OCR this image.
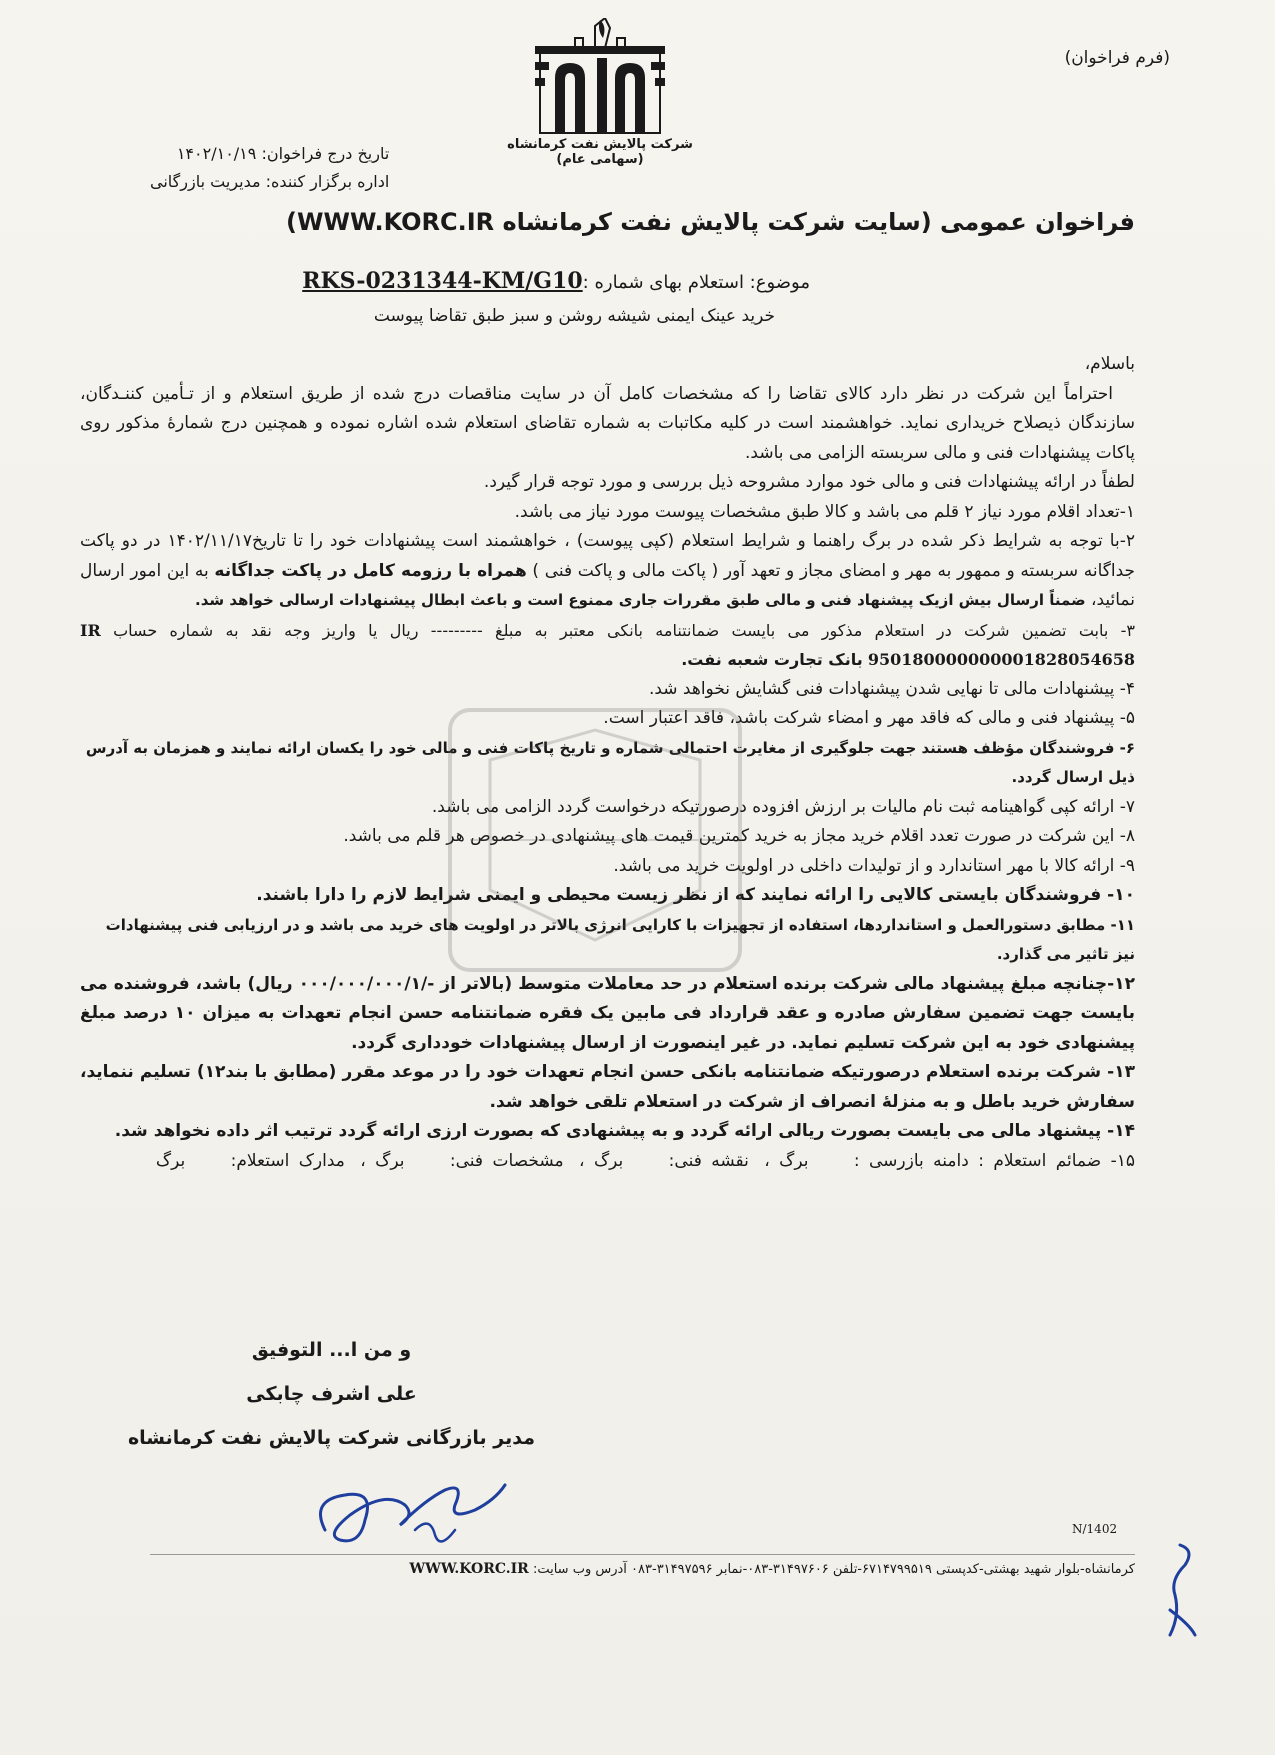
(فرم فراخوان)
شرکت پالایش نفت کرمانشاه (سهامی عام)
تاریخ درج فراخوان: ۱۴۰۲/۱۰/۱۹
اداره برگزار کننده: مدیریت بازرگانی
فراخوان عمومی (سایت شرکت پالایش نفت کرمانشاه WWW.KORC.IR)
موضوع: استعلام بهای شماره :RKS-0231344-KM/G10
خرید عینک ایمنی شیشه روشن و سبز طبق تقاضا پیوست

باسلام،

احتراماً این شرکت در نظر دارد کالای تقاضا را که مشخصات کامل آن در سایت مناقصات درج شده از طریق استعلام و از تـأمین کننـدگان، سازندگان ذیصلاح خریداری نماید. خواهشمند است در کلیه مکاتبات به شماره تقاضای استعلام شده اشاره نموده و همچنین درج شمارهٔ مذکور روی پاکات پیشنهادات فنی و مالی سربسته الزامی می باشد.

لطفاً در ارائه پیشنهادات فنی و مالی خود موارد مشروحه ذیل بررسی و مورد توجه قرار گیرد.

۱-تعداد اقلام مورد نیاز ۲ قلم می باشد و کالا طبق مشخصات پیوست مورد نیاز می باشد.

۲-با توجه به شرایط ذکر شده در برگ راهنما و شرایط استعلام (کپی پیوست) ، خواهشمند است پیشنهادات خود را تا تاریخ۱۴۰۲/۱۱/۱۷ در دو پاکت جداگانه سربسته و ممهور به مهر و امضای مجاز و تعهد آور ( پاکت مالی و پاکت فنی ) همراه با رزومه کامل در پاکت جداگانه به این امور ارسال نمائید، ضمناً ارسال بیش ازیک پیشنهاد فنی و مالی طبق مقررات جاری ممنوع است و باعث ابطال پیشنهادات ارسالی خواهد شد.

۳- بابت تضمین شرکت در استعلام مذکور می بایست ضمانتنامه بانکی معتبر به مبلغ --------- ریال یا واریز وجه نقد به شماره حساب IR 950180000000001828054658 بانک تجارت شعبه نفت.

۴- پیشنهادات مالی تا نهایی شدن پیشنهادات فنی گشایش نخواهد شد.

۵- پیشنهاد فنی و مالی که فاقد مهر و امضاء شرکت باشد، فاقد اعتبار است.

۶- فروشندگان مؤظف هستند جهت جلوگیری از مغایرت احتمالی شماره و تاریخ پاکات فنی و مالی خود را یکسان ارائه نمایند و همزمان به آدرس ذیل ارسال گردد.

۷- ارائه کپی گواهینامه ثبت نام مالیات بر ارزش افزوده درصورتیکه درخواست گردد الزامی می باشد.

۸- این شرکت در صورت تعدد اقلام خرید مجاز به خرید کمترین قیمت های پیشنهادی در خصوص هر قلم می باشد.

۹- ارائه کالا با مهر استاندارد و از تولیدات داخلی در اولویت خرید می باشد.

۱۰- فروشندگان بایستی کالایی را ارائه نمایند که از نظر زیست محیطی و ایمنی شرایط لازم را دارا باشند.

۱۱- مطابق دستورالعمل و استانداردها، استفاده از تجهیزات با کارایی انرژی بالاتر در اولویت های خرید می باشد و در ارزیابی فنی پیشنهادات نیز تاثیر می گذارد.

۱۲-چنانچه مبلغ پیشنهاد مالی شرکت برنده استعلام در حد معاملات متوسط (بالاتر از -/۰۰۰/۰۰۰/۰۰۰/۱ ریال) باشد، فروشنده می بایست جهت تضمین سفارش صادره و عقد قرارداد فی مابین یک فقره ضمانتنامه حسن انجام تعهدات به میزان ۱۰ درصد مبلغ پیشنهادی خود به این شرکت تسلیم نماید. در غیر اینصورت از ارسال پیشنهادات خودداری گردد.

۱۳- شرکت برنده استعلام درصورتیکه ضمانتنامه بانکی حسن انجام تعهدات خود را در موعد مقرر (مطابق با بند۱۲) تسلیم ننماید، سفارش خرید باطل و به منزلهٔ انصراف از شرکت در استعلام تلقی خواهد شد.

۱۴- پیشنهاد مالی می بایست بصورت ریالی ارائه گردد و به پیشنهادی که بصورت ارزی ارائه گردد ترتیب اثر داده نخواهد شد.

۱۵- ضمائم استعلام : دامنه بازرسی : برگ ، نقشه فنی: برگ ، مشخصات فنی: برگ ، مدارک استعلام: برگ

و من ا... التوفیق
علی اشرف چابکی
مدیر بازرگانی شرکت پالایش نفت کرمانشاه
N/1402
کرمانشاه-بلوار شهید بهشتی-کدپستی ۶۷۱۴۷۹۹۵۱۹-تلفن ۳۱۴۹۷۶۰۶-۰۸۳-نمابر ۳۱۴۹۷۵۹۶-۰۸۳ آدرس وب سایت: WWW.KORC.IR
